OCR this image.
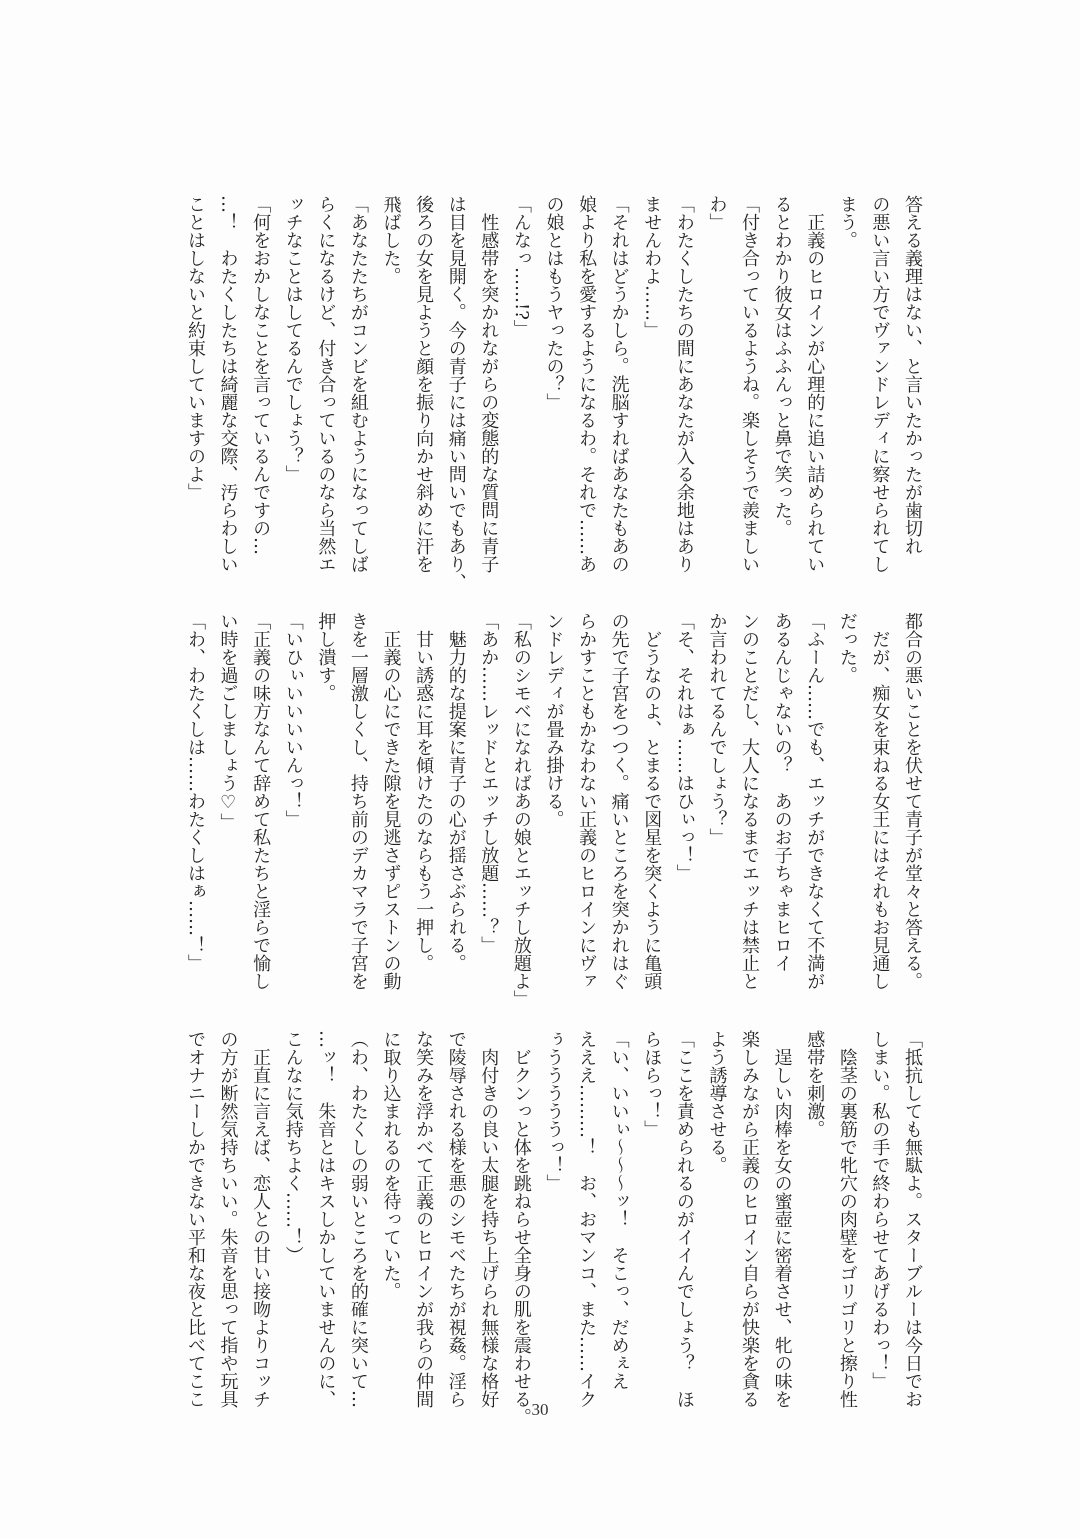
答える義理はない、と言いたかったが歯切れ
の悪い言い方でヴァンドレディに察せられてし
まう。
　正義のヒロインが心理的に追い詰められてい
るとわかり彼女はふふんっと鼻で笑った。
「付き合っているようね。楽しそうで羨ましい
わ」
「わたくしたちの間にあなたが入る余地はあり
ませんわよ……」
「それはどうかしら。洗脳すればあなたもあの
娘より私を愛するようになるわ。それで……あ
の娘とはもうヤったの？」
「んなっ……!?」
　性感帯を突かれながらの変態的な質問に青子
は目を見開く。今の青子には痛い問いでもあり、
後ろの女を見ようと顔を振り向かせ斜めに汗を
飛ばした。
「あなたたちがコンビを組むようになってしば
らくになるけど、付き合っているのなら当然エ
ッチなことはしてるんでしょう？」
「何をおかしなことを言っているんですの…
…！　わたくしたちは綺麗な交際、汚らわしい
ことはしないと約束していますのよ」
都合の悪いことを伏せて青子が堂々と答える。
　だが、痴女を束ねる女王にはそれもお見通し
だった。
「ふーん……でも、エッチができなくて不満が
あるんじゃないの？　あのお子ちゃまヒロイ
ンのことだし、大人になるまでエッチは禁止と
か言われてるんでしょう？」
「そ、それはぁ……はひぃっ！」
　どうなのよ、とまるで図星を突くように亀頭
の先で子宮をつつく。痛いところを突かれはぐ
らかすこともかなわない正義のヒロインにヴァ
ンドレディが畳み掛ける。
「私のシモベになればあの娘とエッチし放題よ」
「あか……レッドとエッチし放題……？」
　魅力的な提案に青子の心が揺さぶられる。
　甘い誘惑に耳を傾けたのならもう一押し。
　正義の心にできた隙を見逃さずピストンの動
きを一層激しくし、持ち前のデカマラで子宮を
押し潰す。
「いひぃいいいいんっ！」
「正義の味方なんて辞めて私たちと淫らで愉し
い時を過ごしましょう♡」
「わ、わたくしは……わたくしはぁ……！」
「抵抗しても無駄よ。スターブルーは今日でお
しまい。私の手で終わらせてあげるわっ！」
　陰茎の裏筋で牝穴の肉壁をゴリゴリと擦り性
感帯を刺激。
　逞しい肉棒を女の蜜壺に密着させ、牝の味を
楽しみながら正義のヒロイン自らが快楽を貪る
よう誘導させる。
「ここを責められるのがイイんでしょう？　ほ
らほらっ！」
「い、いいぃ～～～ッ！　そこっ、だめぇえ
えええ………！　お、おマンコ、また……イク
ぅうううううっ！」
　ビクンっと体を跳ねらせ全身の肌を震わせる。
　肉付きの良い太腿を持ち上げられ無様な格好
で陵辱される様を悪のシモベたちが視姦。淫ら
な笑みを浮かべて正義のヒロインが我らの仲間
に取り込まれるのを待っていた。
（わ、わたくしの弱いところを的確に突いて…
…ッ！　朱音とはキスしかしていませんのに、
こんなに気持ちよく……！）
　正直に言えば、恋人との甘い接吻よりコッチ
の方が断然気持ちいい。朱音を思って指や玩具
でオナニーしかできない平和な夜と比べてここ
30
